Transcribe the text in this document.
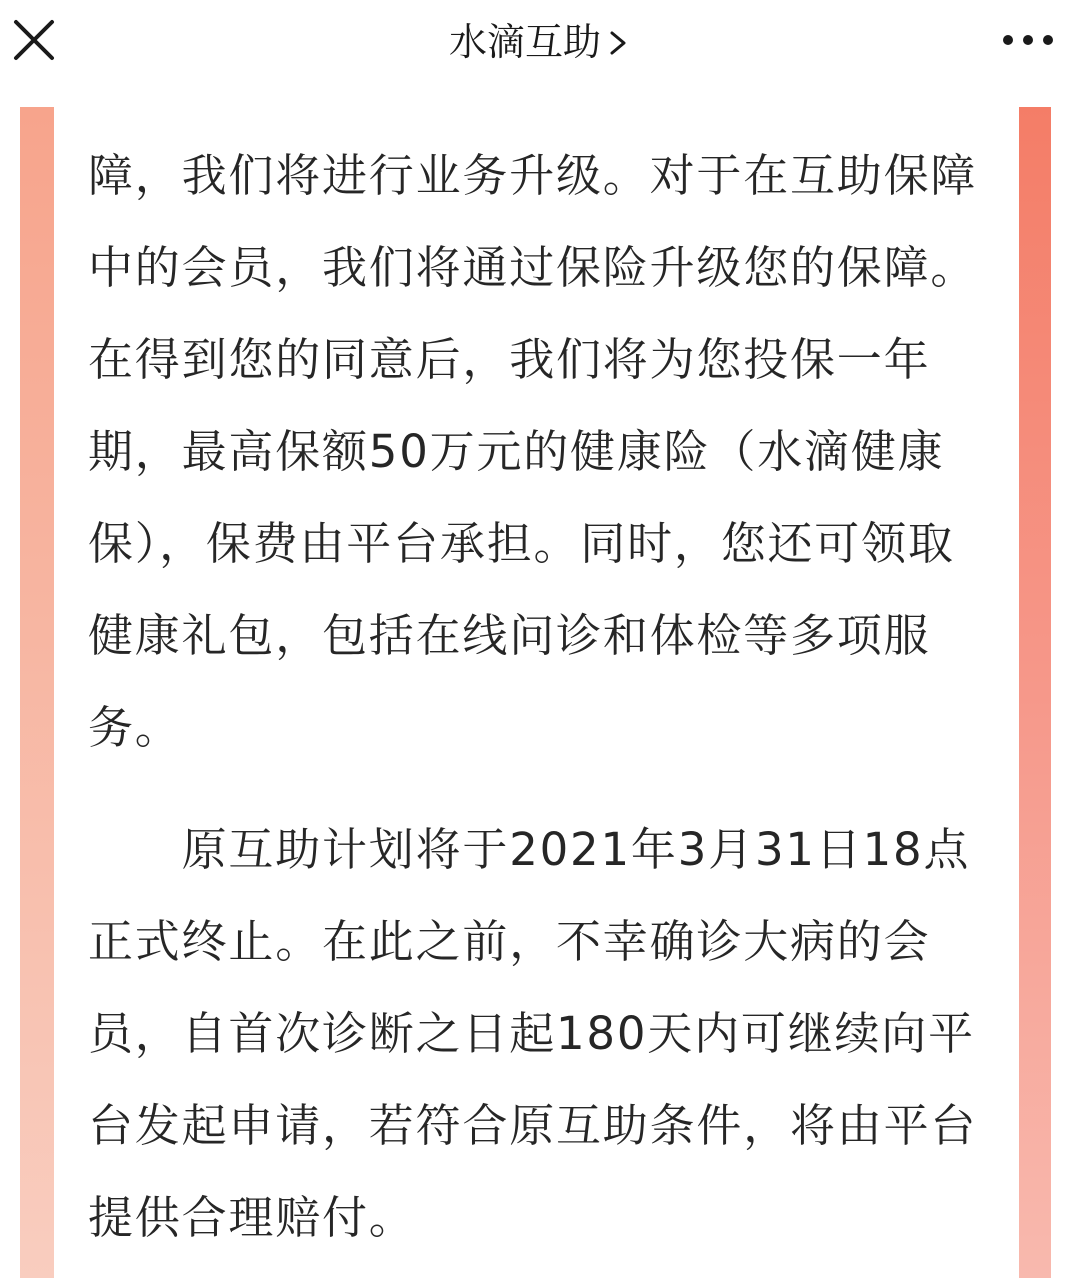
水滴互助

障，我们将进行业务升级。对于在互助保障中的会员，我们将通过保险升级您的保障。在得到您的同意后，我们将为您投保一年期，最高保额50万元的健康险（水滴健康保），保费由平台承担。同时，您还可领取健康礼包，包括在线问诊和体检等多项服务。

　　原互助计划将于2021年3月31日18点正式终止。在此之前，不幸确诊大病的会员，自首次诊断之日起180天内可继续向平台发起申请，若符合原互助条件，将由平台提供合理赔付。
